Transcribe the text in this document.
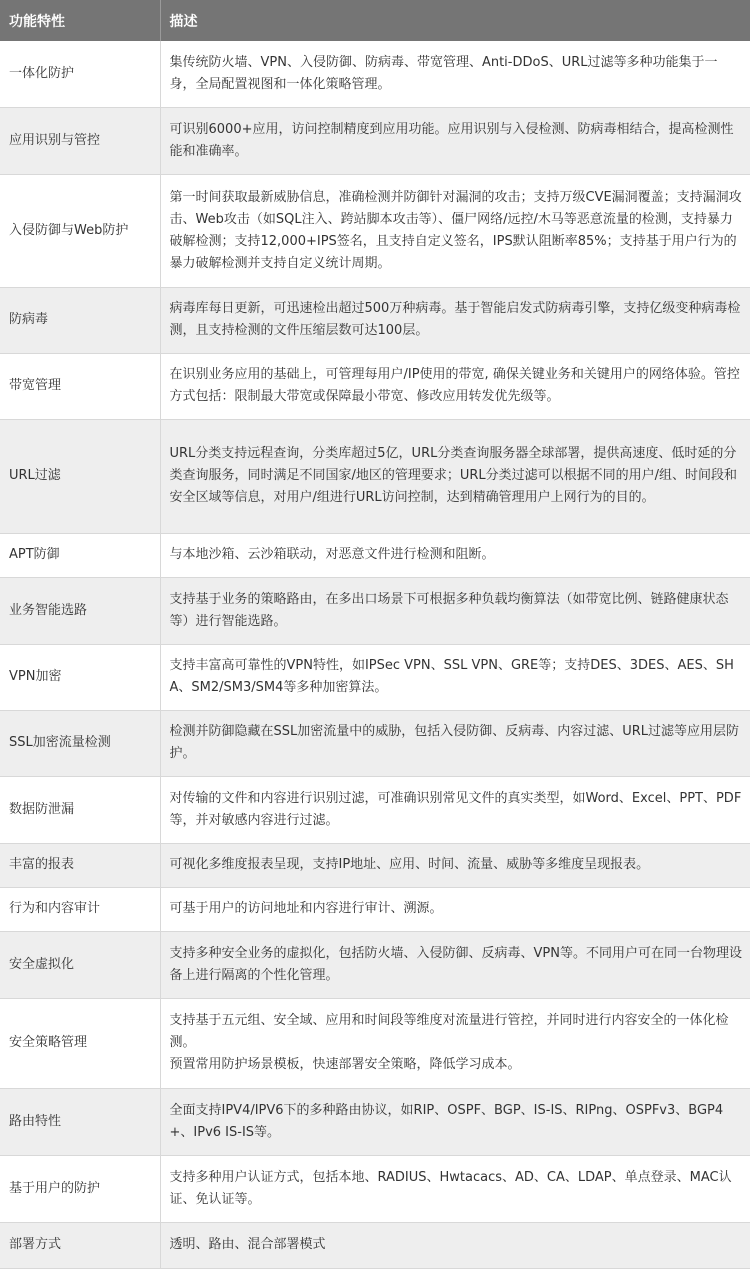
功能特性	描述
一体化防护	集传统防火墙、VPN、入侵防御、防病毒、带宽管理、Anti-DDoS、URL过滤等多种功能集于一身，全局配置视图和一体化策略管理。

应用识别与管控	可识别6000+应用，访问控制精度到应用功能。应用识别与入侵检测、防病毒相结合，提高检测性能和准确率。

入侵防御与Web防护	第一时间获取最新威胁信息，准确检测并防御针对漏洞的攻击；支持万级CVE漏洞覆盖；支持漏洞攻击、Web攻击（如SQL注入、跨站脚本攻击等）、僵尸网络/远控/木马等恶意流量的检测，支持暴力破解检测；支持12,000+IPS签名，且支持自定义签名，IPS默认阻断率85%；支持基于用户行为的暴力破解检测并支持自定义统计周期。

防病毒	病毒库每日更新，可迅速检出超过500万种病毒。基于智能启发式防病毒引擎，支持亿级变种病毒检测，且支持检测的文件压缩层数可达100层。

带宽管理	在识别业务应用的基础上，可管理每用户/IP使用的带宽, 确保关键业务和关键用户的网络体验。管控方式包括：限制最大带宽或保障最小带宽、修改应用转发优先级等。

URL过滤	URL分类支持远程查询，分类库超过5亿，URL分类查询服务器全球部署，提供高速度、低时延的分类查询服务，同时满足不同国家/地区的管理要求；URL分类过滤可以根据不同的用户/组、时间段和安全区域等信息，对用户/组进行URL访问控制，达到精确管理用户上网行为的目的。

APT防御	与本地沙箱、云沙箱联动，对恶意文件进行检测和阻断。

业务智能选路	支持基于业务的策略路由，在多出口场景下可根据多种负载均衡算法（如带宽比例、链路健康状态等）进行智能选路。

VPN加密	支持丰富高可靠性的VPN特性，如IPSec VPN、SSL VPN、GRE等；支持DES、3DES、AES、SHA、SM2/SM3/SM4等多种加密算法。

SSL加密流量检测	检测并防御隐藏在SSL加密流量中的威胁，包括入侵防御、反病毒、内容过滤、URL过滤等应用层防护。

数据防泄漏	对传输的文件和内容进行识别过滤，可准确识别常见文件的真实类型，如Word、Excel、PPT、PDF等，并对敏感内容进行过滤。

丰富的报表	可视化多维度报表呈现，支持IP地址、应用、时间、流量、威胁等多维度呈现报表。

行为和内容审计	可基于用户的访问地址和内容进行审计、溯源。

安全虚拟化	支持多种安全业务的虚拟化，包括防火墙、入侵防御、反病毒、VPN等。不同用户可在同一台物理设备上进行隔离的个性化管理。

安全策略管理	支持基于五元组、安全域、应用和时间段等维度对流量进行管控，并同时进行内容安全的一体化检测。
预置常用防护场景模板，快速部署安全策略，降低学习成本。

路由特性	全面支持IPV4/IPV6下的多种路由协议，如RIP、OSPF、BGP、IS-IS、RIPng、OSPFv3、BGP4+、IPv6 IS-IS等。

基于用户的防护	支持多种用户认证方式，包括本地、RADIUS、Hwtacacs、AD、CA、LDAP、单点登录、MAC认证、免认证等。

部署方式	透明、路由、混合部署模式
